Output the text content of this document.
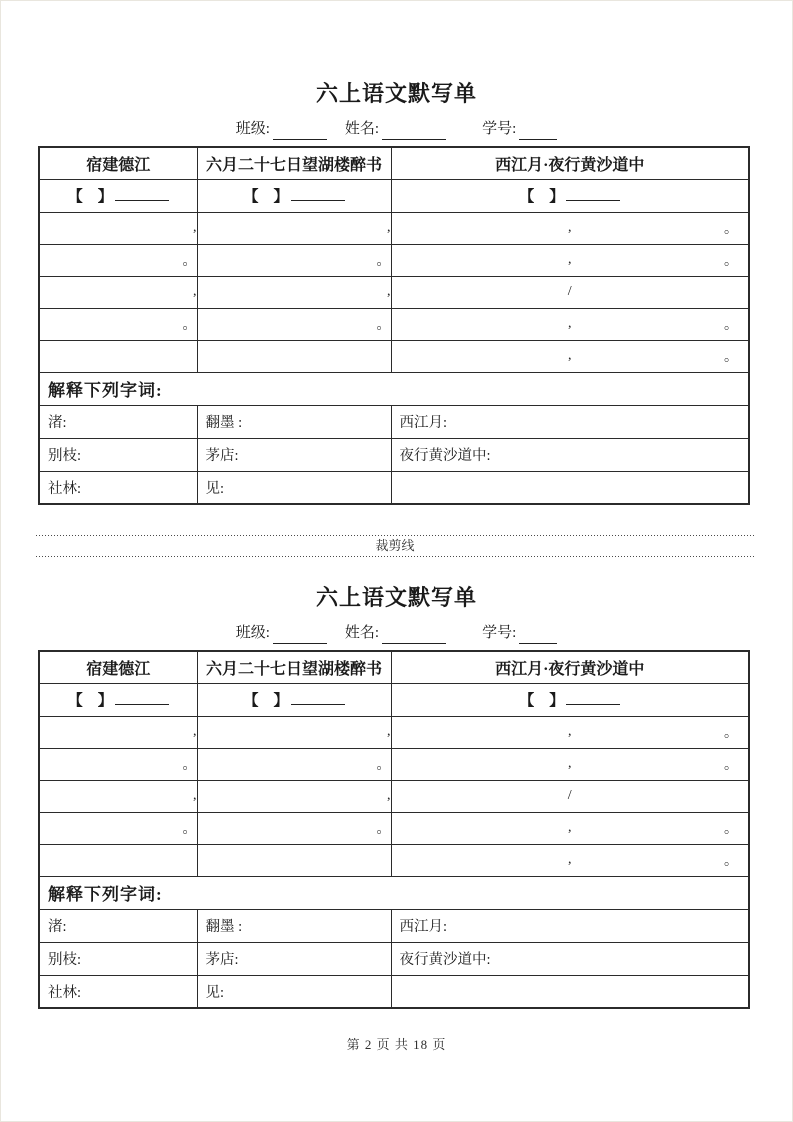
六上语文默写单
班级:	姓名:	学号:
宿建德江	六月二十七日望湖楼醉书	西江月·夜行黄沙道中
【　】	【　】	【　】
,	,	, 。

。	。	, 。

,	,	/

。	。	, 。

		, 。

解释下列字词:		
渚:	翻墨 :	西江月:
别枝:	茅店:	夜行黄沙道中:
社林:	见:	
裁剪线
六上语文默写单
班级:	姓名:	学号:
宿建德江	六月二十七日望湖楼醉书	西江月·夜行黄沙道中
【　】	【　】	【　】
,	,	, 。

。	。	, 。

,	,	/

。	。	, 。

		, 。

解释下列字词:		
渚:	翻墨 :	西江月:
别枝:	茅店:	夜行黄沙道中:
社林:	见:	
第 2 页 共 18 页
